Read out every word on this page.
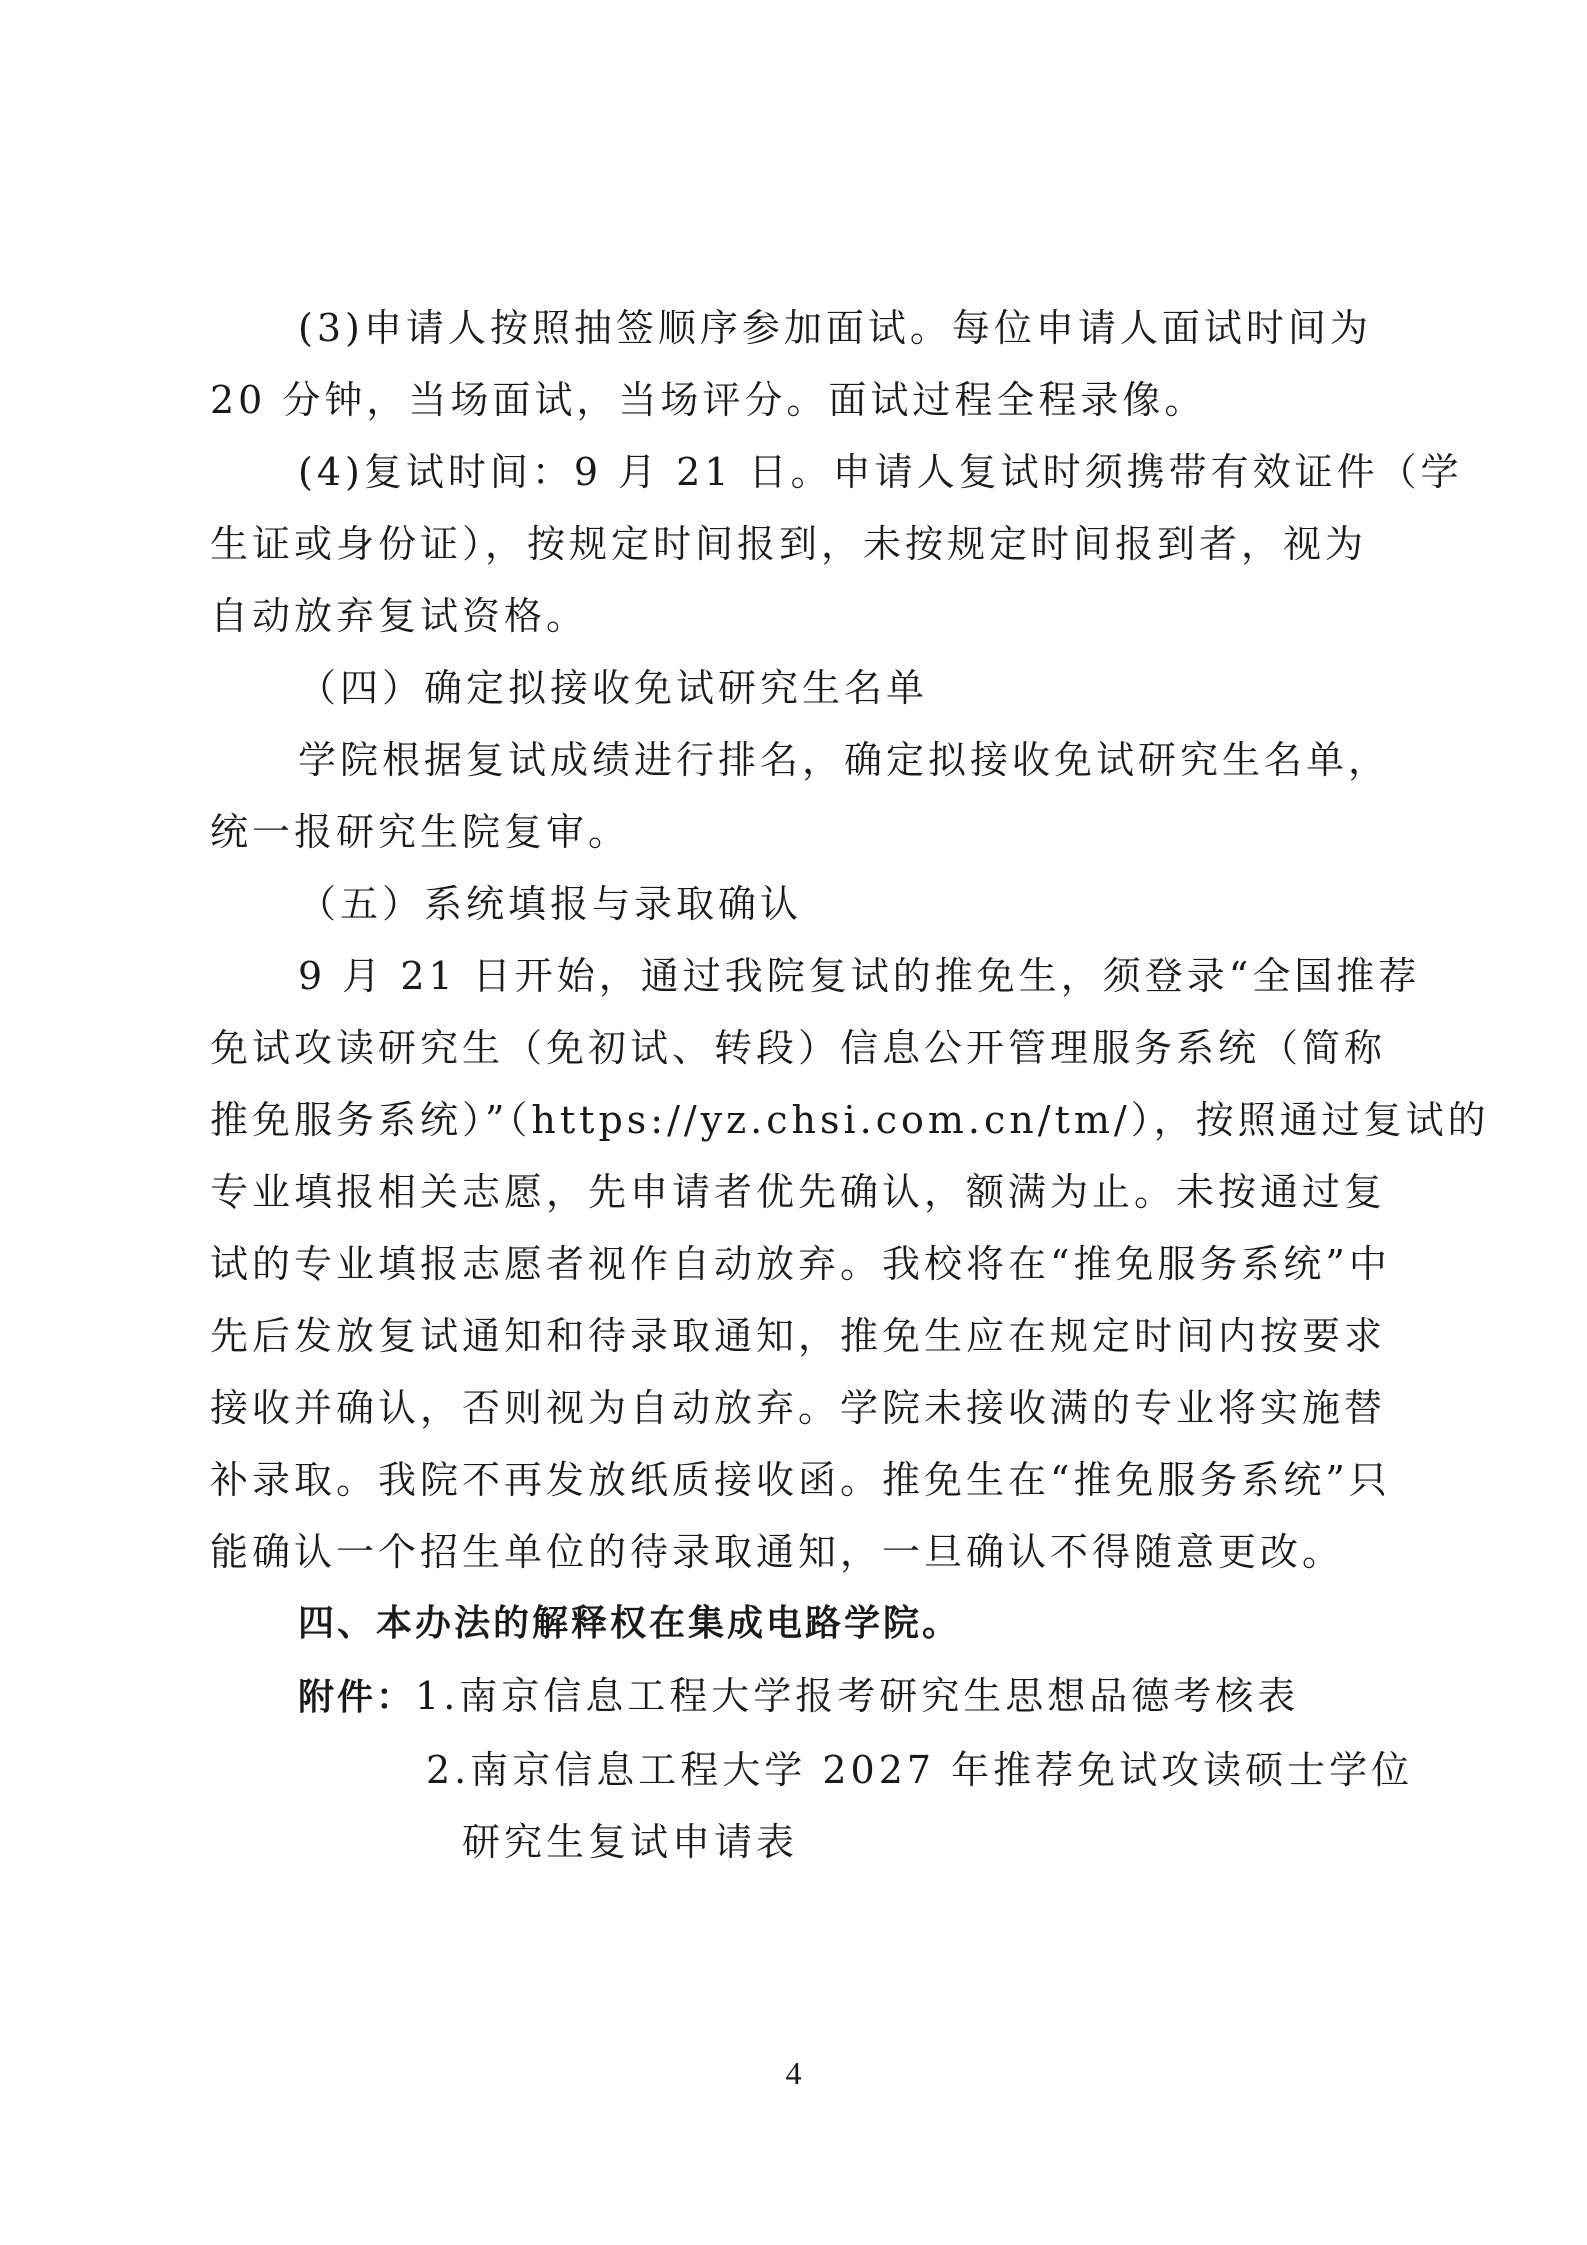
(3)申请人按照抽签顺序参加面试。每位申请人面试时间为
20 分钟，当场面试，当场评分。面试过程全程录像。
(4)复试时间：9 月 21 日。申请人复试时须携带有效证件（学
生证或身份证），按规定时间报到，未按规定时间报到者，视为
自动放弃复试资格。
（四）确定拟接收免试研究生名单
学院根据复试成绩进行排名，确定拟接收免试研究生名单，
统一报研究生院复审。
（五）系统填报与录取确认
9 月 21 日开始，通过我院复试的推免生，须登录“全国推荐
免试攻读研究生（免初试、转段）信息公开管理服务系统（简称
推免服务系统）”（https://yz.chsi.com.cn/tm/），按照通过复试的
专业填报相关志愿，先申请者优先确认，额满为止。未按通过复
试的专业填报志愿者视作自动放弃。我校将在“推免服务系统”中
先后发放复试通知和待录取通知，推免生应在规定时间内按要求
接收并确认，否则视为自动放弃。学院未接收满的专业将实施替
补录取。我院不再发放纸质接收函。推免生在“推免服务系统”只
能确认一个招生单位的待录取通知，一旦确认不得随意更改。
四、本办法的解释权在集成电路学院。
附件：1.南京信息工程大学报考研究生思想品德考核表
2.南京信息工程大学 2027 年推荐免试攻读硕士学位
研究生复试申请表
4
